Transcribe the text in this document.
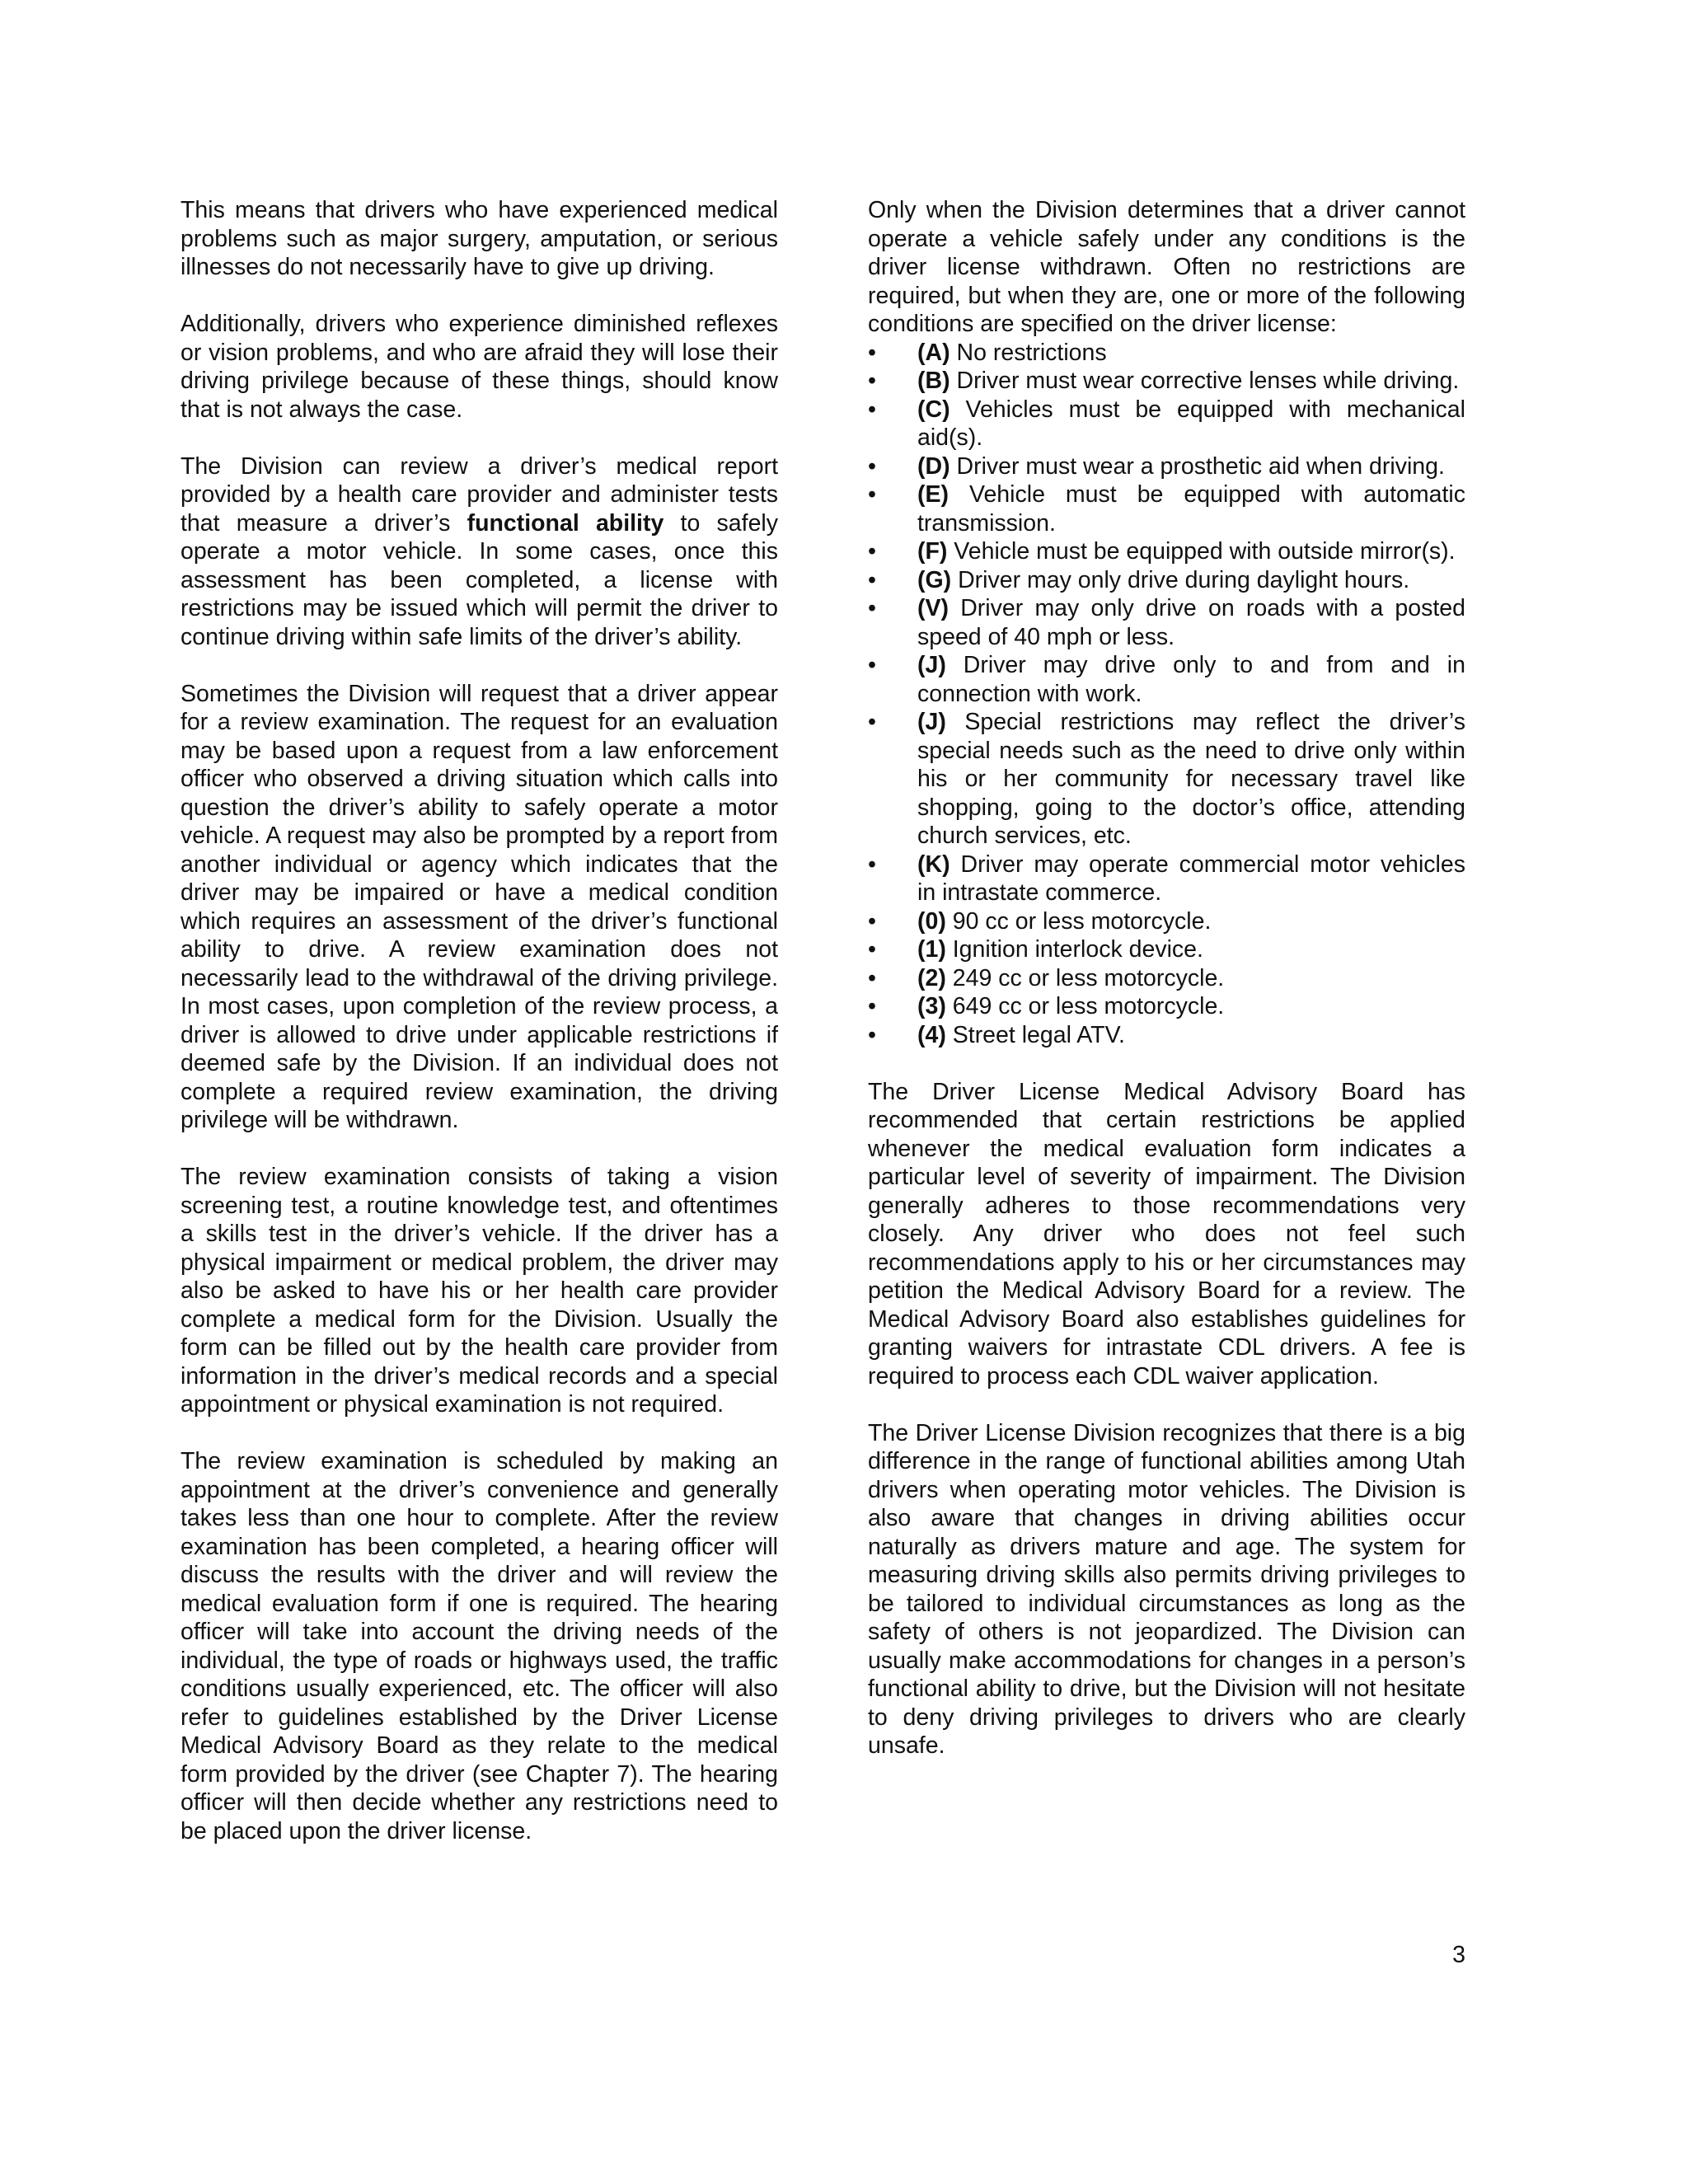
This means that drivers who have experienced medical problems such as major surgery, amputation, or serious illnesses do not necessarily have to give up driving.

Additionally, drivers who experience diminished reflexes or vision problems, and who are afraid they will lose their driving privilege because of these things, should know that is not always the case.

The Division can review a driver’s medical report provided by a health care provider and administer tests that measure a driver’s functional ability to safely operate a motor vehicle. In some cases, once this assessment has been completed, a license with restrictions may be issued which will permit the driver to continue driving within safe limits of the driver’s ability.

Sometimes the Division will request that a driver appear for a review examination. The request for an evaluation may be based upon a request from a law enforcement officer who observed a driving situation which calls into question the driver’s ability to safely operate a motor vehicle. A request may also be prompted by a report from another individual or agency which indicates that the driver may be impaired or have a medical condition which requires an assessment of the driver’s functional ability to drive. A review examination does not necessarily lead to the withdrawal of the driving privilege. In most cases, upon completion of the review process, a driver is allowed to drive under applicable restrictions if deemed safe by the Division. If an individual does not complete a required review examination, the driving privilege will be withdrawn.

The review examination consists of taking a vision screening test, a routine knowledge test, and oftentimes a skills test in the driver’s vehicle. If the driver has a physical impairment or medical problem, the driver may also be asked to have his or her health care provider complete a medical form for the Division. Usually the form can be filled out by the health care provider from information in the driver’s medical records and a special appointment or physical examination is not required.

The review examination is scheduled by making an appointment at the driver’s convenience and generally takes less than one hour to complete. After the review examination has been completed, a hearing officer will discuss the results with the driver and will review the medical evaluation form if one is required. The hearing officer will take into account the driving needs of the individual, the type of roads or highways used, the traffic conditions usually experienced, etc. The officer will also refer to guidelines established by the Driver License Medical Advisory Board as they relate to the medical form provided by the driver (see Chapter 7). The hearing officer will then decide whether any restrictions need to be placed upon the driver license.

Only when the Division determines that a driver cannot operate a vehicle safely under any conditions is the driver license withdrawn. Often no restrictions are required, but when they are, one or more of the following conditions are specified on the driver license:

• (A) No restrictions
• (B) Driver must wear corrective lenses while driving.
• (C) Vehicles must be equipped with mechanical aid(s).
• (D) Driver must wear a prosthetic aid when driving.
• (E) Vehicle must be equipped with automatic transmission.
• (F) Vehicle must be equipped with outside mirror(s).
• (G) Driver may only drive during daylight hours.
• (V) Driver may only drive on roads with a posted speed of 40 mph or less.
• (J) Driver may drive only to and from and in connection with work.
• (J) Special restrictions may reflect the driver’s special needs such as the need to drive only within his or her community for necessary travel like shopping, going to the doctor’s office, attending church services, etc.
• (K) Driver may operate commercial motor vehicles in intrastate commerce.
• (0) 90 cc or less motorcycle.
• (1) Ignition interlock device.
• (2) 249 cc or less motorcycle.
• (3) 649 cc or less motorcycle.
• (4) Street legal ATV.

The Driver License Medical Advisory Board has recommended that certain restrictions be applied whenever the medical evaluation form indicates a particular level of severity of impairment. The Division generally adheres to those recommendations very closely. Any driver who does not feel such recommendations apply to his or her circumstances may petition the Medical Advisory Board for a review. The Medical Advisory Board also establishes guidelines for granting waivers for intrastate CDL drivers. A fee is required to process each CDL waiver application.

The Driver License Division recognizes that there is a big difference in the range of functional abilities among Utah drivers when operating motor vehicles. The Division is also aware that changes in driving abilities occur naturally as drivers mature and age. The system for measuring driving skills also permits driving privileges to be tailored to individual circumstances as long as the safety of others is not jeopardized. The Division can usually make accommodations for changes in a person’s functional ability to drive, but the Division will not hesitate to deny driving privileges to drivers who are clearly unsafe.

3
